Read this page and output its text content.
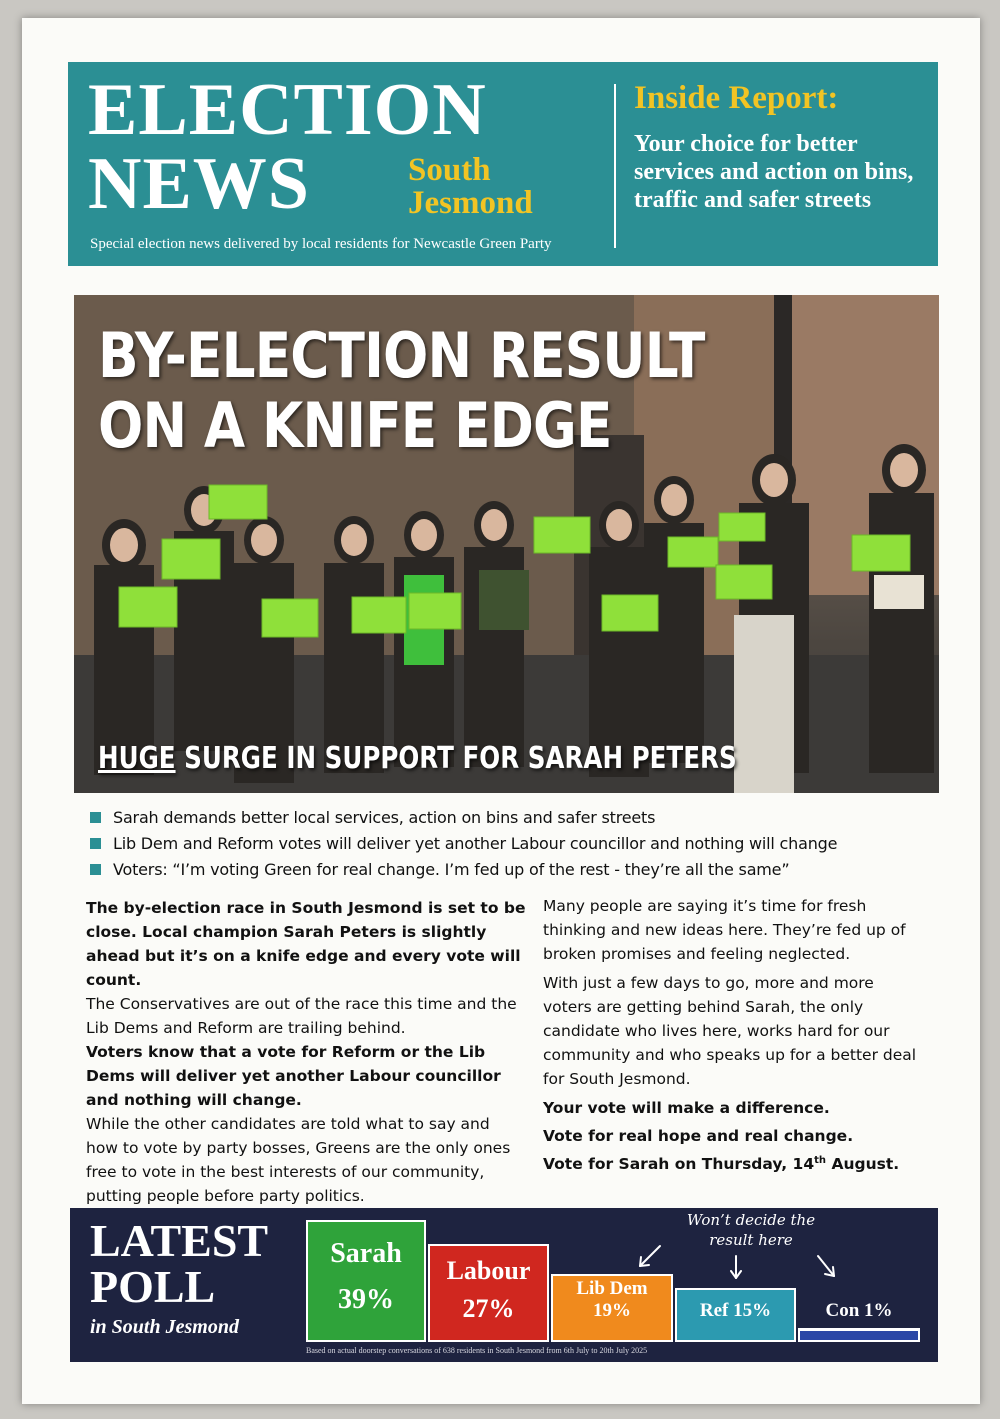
ELECTION
NEWS	South
Jesmond
Special election news delivered by local residents for Newcastle Green Party
Inside Report:
Your choice for better services and action on bins, traffic and safer streets
BY-ELECTION RESULT
ON A KNIFE EDGE
HUGE SURGE IN SUPPORT FOR SARAH PETERS
Sarah demands better local services, action on bins and safer streets
Lib Dem and Reform votes will deliver yet another Labour councillor and nothing will change
Voters: “I’m voting Green for real change. I’m fed up of the rest - they’re all the same”

The by-election race in South Jesmond is set to be close. Local champion Sarah Peters is slightly ahead but it’s on a knife edge and every vote will count.

The Conservatives are out of the race this time and the Lib Dems and Reform are trailing behind.

Voters know that a vote for Reform or the Lib Dems will deliver yet another Labour councillor and nothing will change.

While the other candidates are told what to say and how to vote by party bosses, Greens are the only ones free to vote in the best interests of our community, putting people before party politics.

Many people are saying it’s time for fresh thinking and new ideas here. They’re fed up of broken promises and feeling neglected.

With just a few days to go, more and more voters are getting behind Sarah, the only candidate who lives here, works hard for our community and who speaks up for a better deal for South Jesmond.

Your vote will make a difference.

Vote for real hope and real change.

Vote for Sarah on Thursday, 14th August.

LATEST
POLL
in South Jesmond
Sarah
39%
Labour
27%
Lib Dem
19%	Ref 15%	Con 1%
Won’t decide the result here
Based on actual doorstep conversations of 638 residents in South Jesmond from 6th July to 20th July 2025
